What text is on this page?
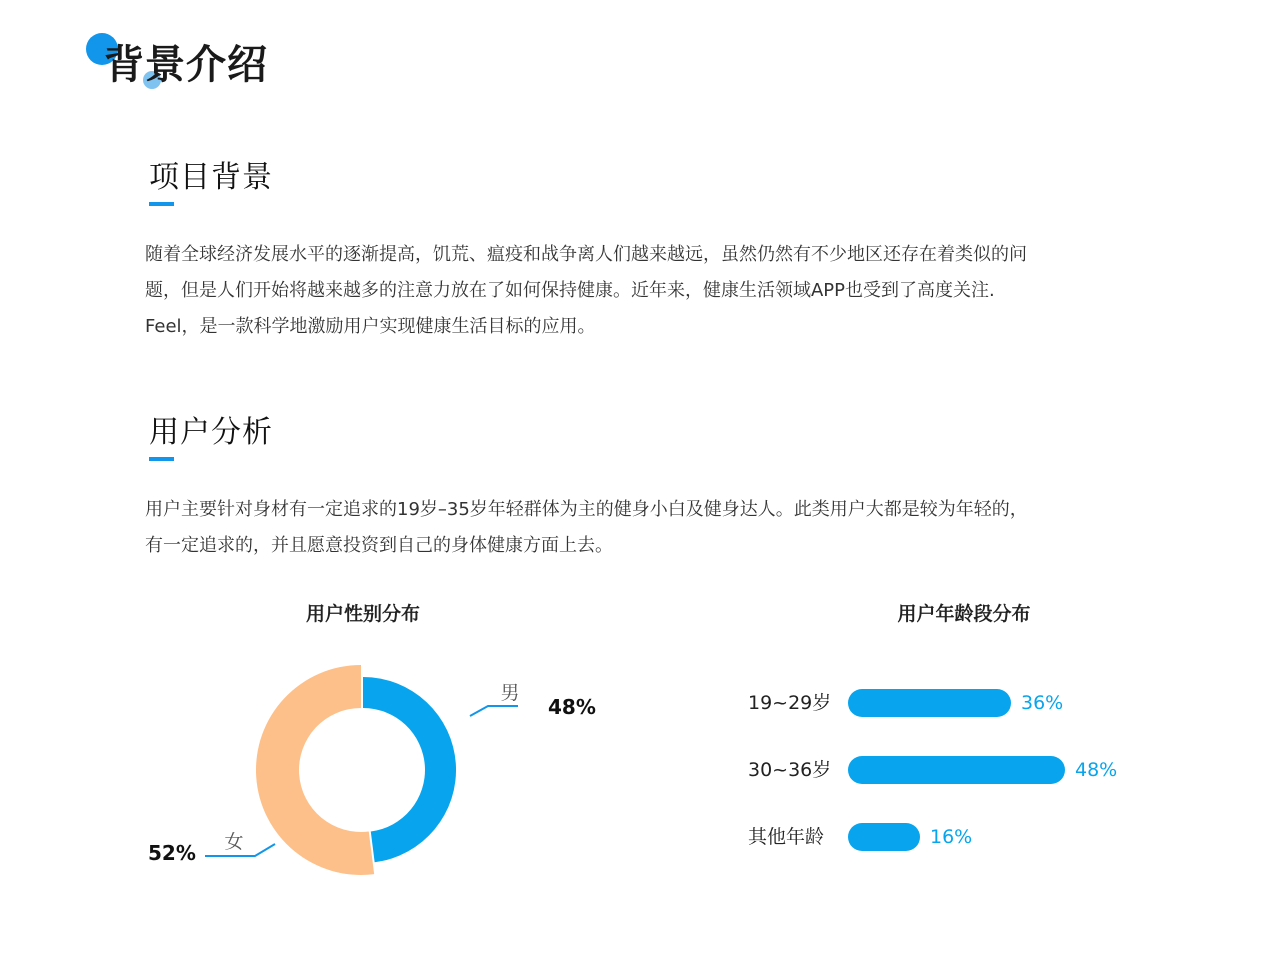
背景介绍
项目背景
随着全球经济发展水平的逐渐提高，饥荒、瘟疫和战争离人们越来越远，虽然仍然有不少地区还存在着类似的问
题，但是人们开始将越来越多的注意力放在了如何保持健康。近年来，健康生活领域APP也受到了高度关注.
Feel，是一款科学地激励用户实现健康生活目标的应用。
用户分析
用户主要针对身材有一定追求的19岁–35岁年轻群体为主的健身小白及健身达人。此类用户大都是较为年轻的，
有一定追求的，并且愿意投资到自己的身体健康方面上去。
用户性别分布
男
48%
女
52%
用户年龄段分布
19~29岁	36%
30~36岁	48%
其他年龄	16%
